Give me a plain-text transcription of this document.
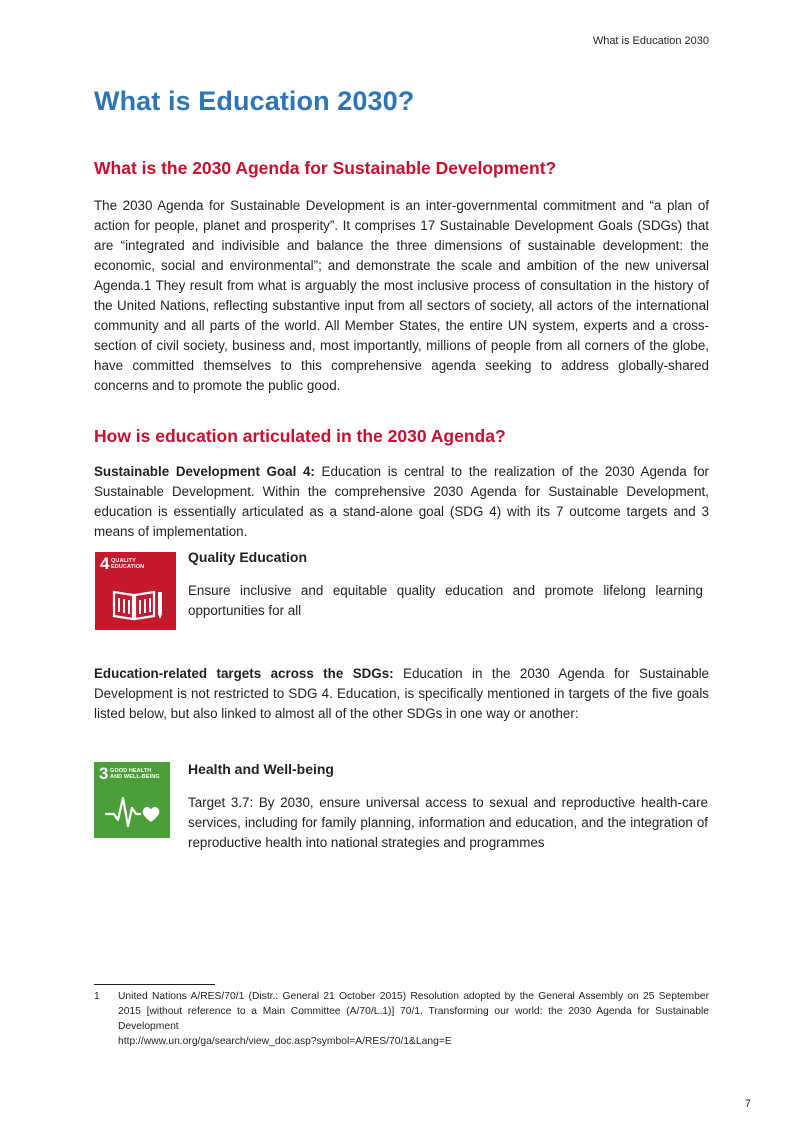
What is Education 2030
What is Education 2030?
What is the 2030 Agenda for Sustainable Development?

The 2030 Agenda for Sustainable Development is an inter-governmental commitment and “a plan of action for people, planet and prosperity”. It comprises 17 Sustainable Development Goals (SDGs) that are “integrated and indivisible and balance the three dimensions of sustainable development: the economic, social and environmental”; and demonstrate the scale and ambition of the new universal Agenda.1 They result from what is arguably the most inclusive process of consultation in the history of the United Nations, reflecting substantive input from all sectors of society, all actors of the international community and all parts of the world. All Member States, the entire UN system, experts and a cross-section of civil society, business and, most importantly, millions of people from all corners of the globe, have committed themselves to this comprehensive agenda seeking to address globally-shared concerns and to promote the public good.

How is education articulated in the 2030 Agenda?

Sustainable Development Goal 4: Education is central to the realization of the 2030 Agenda for Sustainable Development. Within the comprehensive 2030 Agenda for Sustainable Development, education is essentially articulated as a stand-alone goal (SDG 4) with its 7 outcome targets and 3 means of implementation.

4 QUALITY
EDUCATION
Quality Education

Ensure inclusive and equitable quality education and promote lifelong learning opportunities for all

Education-related targets across the SDGs: Education in the 2030 Agenda for Sustainable Development is not restricted to SDG 4. Education, is specifically mentioned in targets of the five goals listed below, but also linked to almost all of the other SDGs in one way or another:

3 GOOD HEALTH
AND WELL-BEING Health and Well-being

Target 3.7: By 2030, ensure universal access to sexual and reproductive health-care services, including for family planning, information and education, and the integration of reproductive health into national strategies and programmes

1 United Nations A/RES/70/1 (Distr.: General 21 October 2015) Resolution adopted by the General Assembly on 25 September 2015 [without reference to a Main Committee (A/70/L.1)] 70/1. Transforming our world: the 2030 Agenda for Sustainable Development
http://www.un.org/ga/search/view_doc.asp?symbol=A/RES/70/1&Lang=E
7
